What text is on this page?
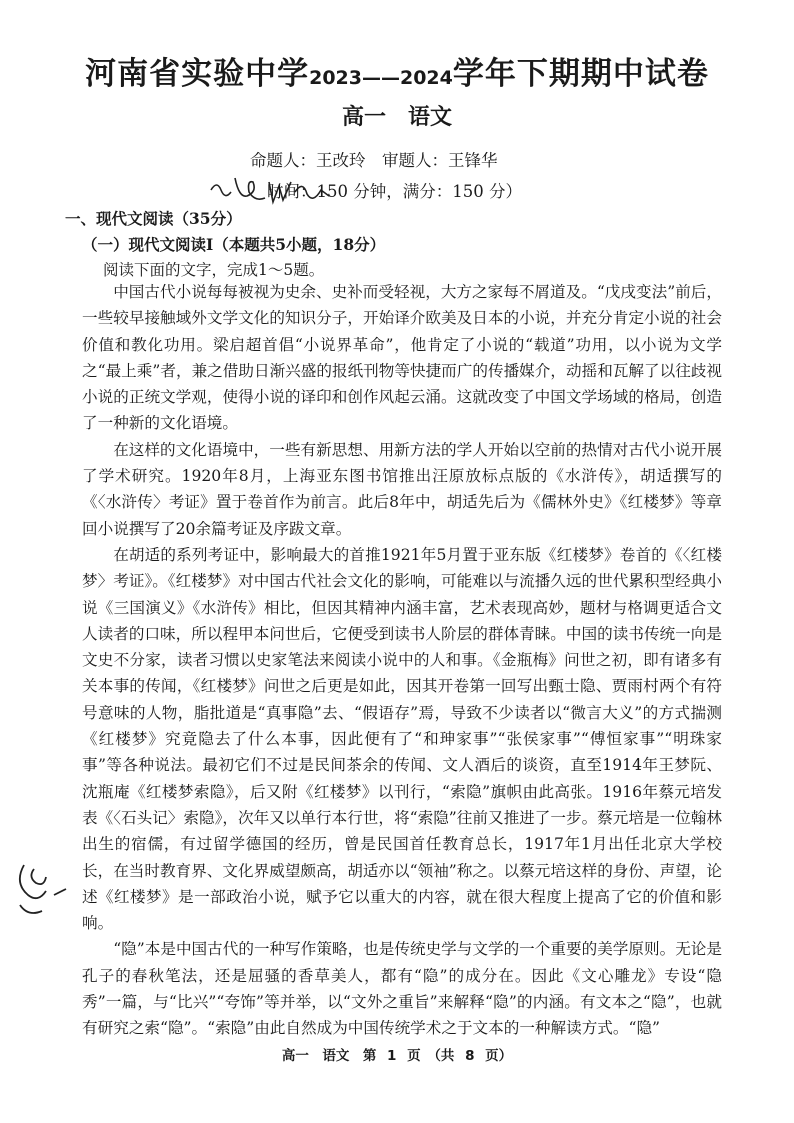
河南省实验中学2023——2024学年下期期中试卷
高一　语文
命题人：王改玲　审题人：王锋华
时间：150 分钟，满分：150 分）
一、现代文阅读（35分）
（一）现代文阅读Ⅰ（本题共5小题，18分）
阅读下面的文字，完成1～5题。

中国古代小说每每被视为史余、史补而受轻视，大方之家每不屑道及。“戊戌变法”前后，一些较早接触域外文学文化的知识分子，开始译介欧美及日本的小说，并充分肯定小说的社会价值和教化功用。梁启超首倡“小说界革命”，他肯定了小说的“载道”功用，以小说为文学之“最上乘”者，兼之借助日渐兴盛的报纸刊物等快捷而广的传播媒介，动摇和瓦解了以往歧视小说的正统文学观，使得小说的译印和创作风起云涌。这就改变了中国文学场域的格局，创造了一种新的文化语境。

在这样的文化语境中，一些有新思想、用新方法的学人开始以空前的热情对古代小说开展了学术研究。1920年8月，上海亚东图书馆推出汪原放标点版的《水浒传》，胡适撰写的《〈水浒传〉考证》置于卷首作为前言。此后8年中，胡适先后为《儒林外史》《红楼梦》等章回小说撰写了20余篇考证及序跋文章。

在胡适的系列考证中，影响最大的首推1921年5月置于亚东版《红楼梦》卷首的《〈红楼梦〉考证》。《红楼梦》对中国古代社会文化的影响，可能难以与流播久远的世代累积型经典小说《三国演义》《水浒传》相比，但因其精神内涵丰富，艺术表现高妙，题材与格调更适合文人读者的口味，所以程甲本问世后，它便受到读书人阶层的群体青睐。中国的读书传统一向是文史不分家，读者习惯以史家笔法来阅读小说中的人和事。《金瓶梅》问世之初，即有诸多有关本事的传闻，《红楼梦》问世之后更是如此，因其开卷第一回写出甄士隐、贾雨村两个有符号意味的人物，脂批道是“真事隐”去、“假语存”焉，导致不少读者以“微言大义”的方式揣测《红楼梦》究竟隐去了什么本事，因此便有了“和珅家事”“张侯家事”“傅恒家事”“明珠家事”等各种说法。最初它们不过是民间茶余的传闻、文人酒后的谈资，直至1914年王梦阮、沈瓶庵《红楼梦索隐》，后又附《红楼梦》以刊行，“索隐”旗帜由此高张。1916年蔡元培发表《〈石头记〉索隐》，次年又以单行本行世，将“索隐”往前又推进了一步。蔡元培是一位翰林出生的宿儒，有过留学德国的经历，曾是民国首任教育总长，1917年1月出任北京大学校长，在当时教育界、文化界威望颇高，胡适亦以“领袖”称之。以蔡元培这样的身份、声望，论述《红楼梦》是一部政治小说，赋予它以重大的内容，就在很大程度上提高了它的价值和影响。

“隐”本是中国古代的一种写作策略，也是传统史学与文学的一个重要的美学原则。无论是孔子的春秋笔法，还是屈骚的香草美人，都有“隐”的成分在。因此《文心雕龙》专设“隐秀”一篇，与“比兴”“夸饰”等并举，以“文外之重旨”来解释“隐”的内涵。有文本之“隐”，也就有研究之索“隐”。“索隐”由此自然成为中国传统学术之于文本的一种解读方式。“隐”

高一　语文　第 1 页　（共 8 页）
